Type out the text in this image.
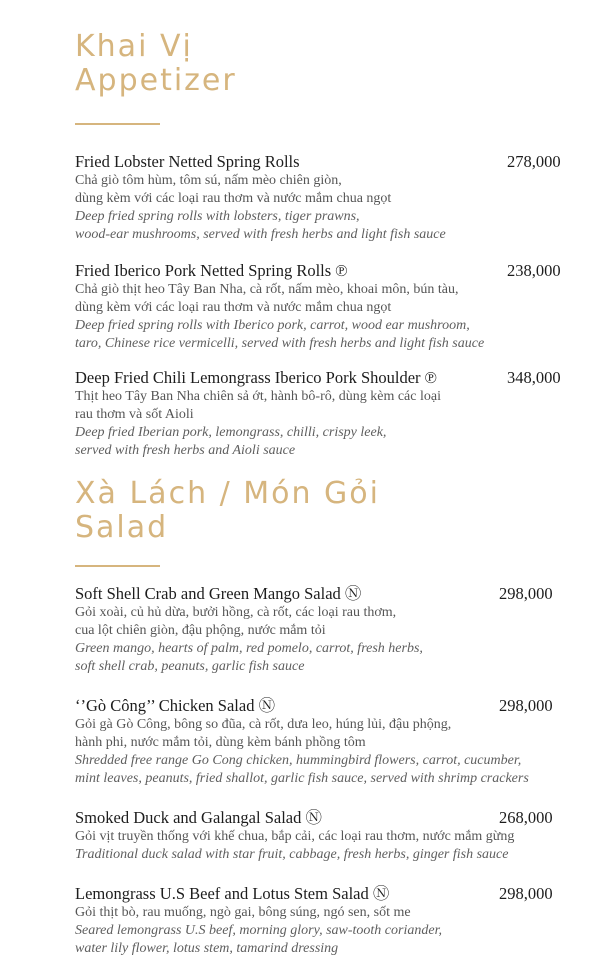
Khai Vị
Appetizer
Fried Lobster Netted Spring Rolls
Chả giò tôm hùm, tôm sú, nấm mèo chiên giòn,
dùng kèm với các loại rau thơm và nước mắm chua ngọt
Deep fried spring rolls with lobsters, tiger prawns,
wood-ear mushrooms, served with fresh herbs and light fish sauce
278,000
Fried Iberico Pork Netted Spring Rolls ℗
Chả giò thịt heo Tây Ban Nha, cà rốt, nấm mèo, khoai môn, bún tàu,
dùng kèm với các loại rau thơm và nước mắm chua ngọt
Deep fried spring rolls with Iberico pork, carrot, wood ear mushroom,
taro, Chinese rice vermicelli, served with fresh herbs and light fish sauce
238,000
Deep Fried Chili Lemongrass Iberico Pork Shoulder ℗
Thịt heo Tây Ban Nha chiên sả ớt, hành bô-rô, dùng kèm các loại
rau thơm và sốt Aioli
Deep fried Iberian pork, lemongrass, chilli, crispy leek,
served with fresh herbs and Aioli sauce
348,000
Xà Lách / Món Gỏi
Salad
Soft Shell Crab and Green Mango Salad Ⓝ
Gỏi xoài, củ hủ dừa, bưởi hồng, cà rốt, các loại rau thơm,
cua lột chiên giòn, đậu phộng, nước mắm tỏi
Green mango, hearts of palm, red pomelo, carrot, fresh herbs,
soft shell crab, peanuts, garlic fish sauce
298,000
‘’Gò Công’’ Chicken Salad Ⓝ
Gỏi gà Gò Công, bông so đũa, cà rốt, dưa leo, húng lủi, đậu phộng,
hành phi, nước mắm tỏi, dùng kèm bánh phồng tôm
Shredded free range Go Cong chicken, hummingbird flowers, carrot, cucumber,
mint leaves, peanuts, fried shallot, garlic fish sauce, served with shrimp crackers
298,000
Smoked Duck and Galangal Salad Ⓝ
Gỏi vịt truyền thống với khế chua, bắp cải, các loại rau thơm, nước mắm gừng
Traditional duck salad with star fruit, cabbage, fresh herbs, ginger fish sauce
268,000
Lemongrass U.S Beef and Lotus Stem Salad Ⓝ
Gỏi thịt bò, rau muống, ngò gai, bông súng, ngó sen, sốt me
Seared lemongrass U.S beef, morning glory, saw-tooth coriander,
water lily flower, lotus stem, tamarind dressing
298,000
